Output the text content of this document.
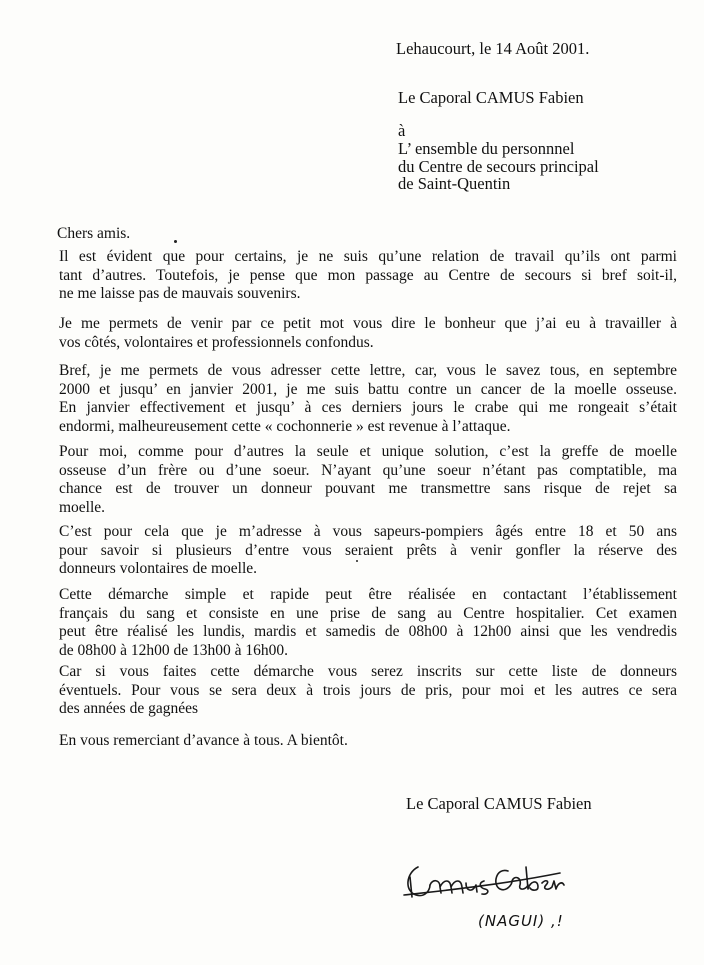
Lehaucourt, le 14 Août 2001.
Le Caporal CAMUS Fabien
à
L’ ensemble du personnnel
du Centre de secours principal
de Saint-Quentin
Chers amis.
Il est évident que pour certains, je ne suis qu’une relation de travail qu’ils ont parmi
tant d’autres. Toutefois, je pense que mon passage au Centre de secours si bref soit-il,
ne me laisse pas de mauvais souvenirs.
Je me permets de venir par ce petit mot vous dire le bonheur que j’ai eu à travailler à
vos côtés, volontaires et professionnels confondus.
Bref, je me permets de vous adresser cette lettre, car, vous le savez tous, en septembre
2000 et jusqu’ en janvier 2001, je me suis battu contre un cancer de la moelle osseuse.
En janvier effectivement et jusqu’ à ces derniers jours le crabe qui me rongeait s’était
endormi, malheureusement cette « cochonnerie » est revenue à l’attaque.
Pour moi, comme pour d’autres la seule et unique solution, c’est la greffe de moelle
osseuse d’un frère ou d’une soeur. N’ayant qu’une soeur n’étant pas comptatible, ma
chance est de trouver un donneur pouvant me transmettre sans risque de rejet sa
moelle.
C’est pour cela que je m’adresse à vous sapeurs-pompiers âgés entre 18 et 50 ans
pour savoir si plusieurs d’entre vous seraient prêts à venir gonfler la réserve des
donneurs volontaires de moelle.
Cette démarche simple et rapide peut être réalisée en contactant l’établissement
français du sang et consiste en une prise de sang au Centre hospitalier. Cet examen
peut être réalisé les lundis, mardis et samedis de 08h00 à 12h00 ainsi que les vendredis
de 08h00 à 12h00 de 13h00 à 16h00.
Car si vous faites cette démarche vous serez inscrits sur cette liste de donneurs
éventuels. Pour vous se sera deux à trois jours de pris, pour moi et les autres ce sera
des années de gagnées
En vous remerciant d’avance à tous. A bientôt.
Le Caporal CAMUS Fabien
(NAGUI) ,!
